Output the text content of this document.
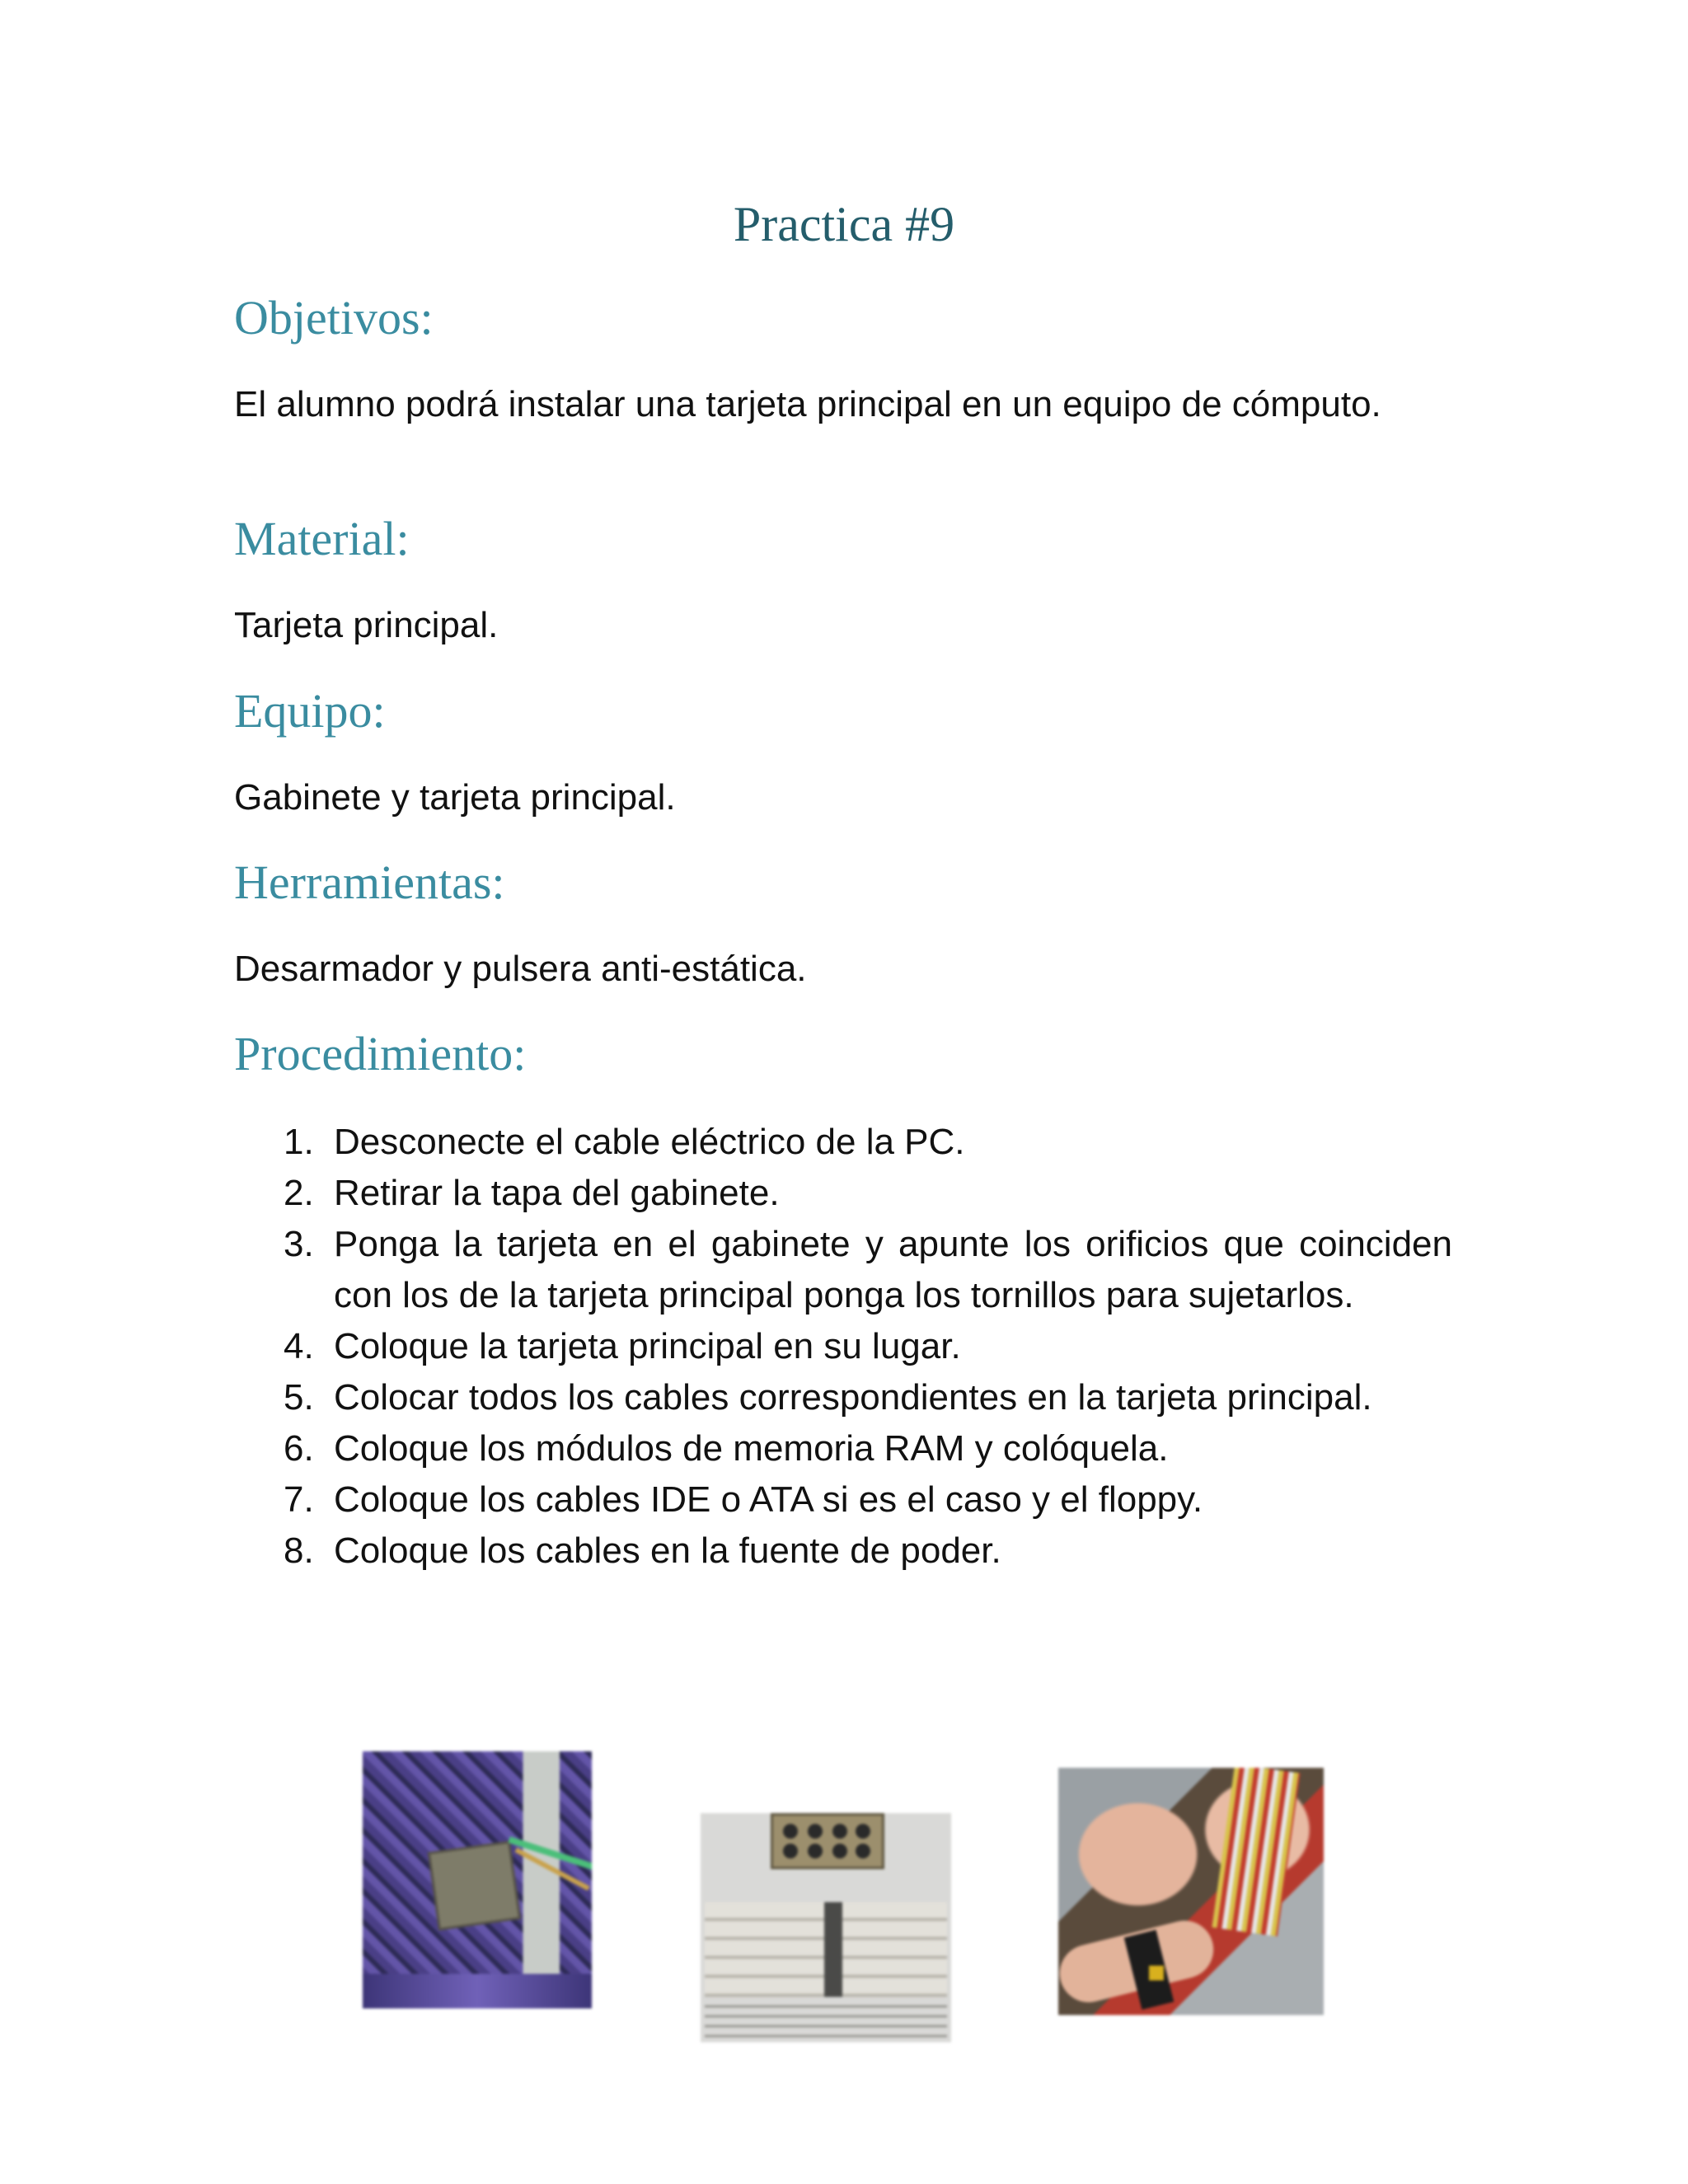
Practica #9
Objetivos:

El alumno podrá instalar una tarjeta principal en un equipo de cómputo.

Material:

Tarjeta principal.

Equipo:

Gabinete y tarjeta principal.

Herramientas:

Desarmador y pulsera anti-estática.

Procedimiento:
1. Desconecte el cable eléctrico de la PC.
2. Retirar la tapa del gabinete.
3. Ponga la tarjeta en el gabinete y apunte los orificios que coinciden con los de la tarjeta principal ponga los tornillos para sujetarlos.
4. Coloque la tarjeta principal en su lugar.
5. Colocar todos los cables correspondientes en la tarjeta principal.
6. Coloque los módulos de memoria RAM y colóquela.
7. Coloque los cables IDE o ATA si es el caso y el floppy.
8. Coloque los cables en la fuente de poder.
